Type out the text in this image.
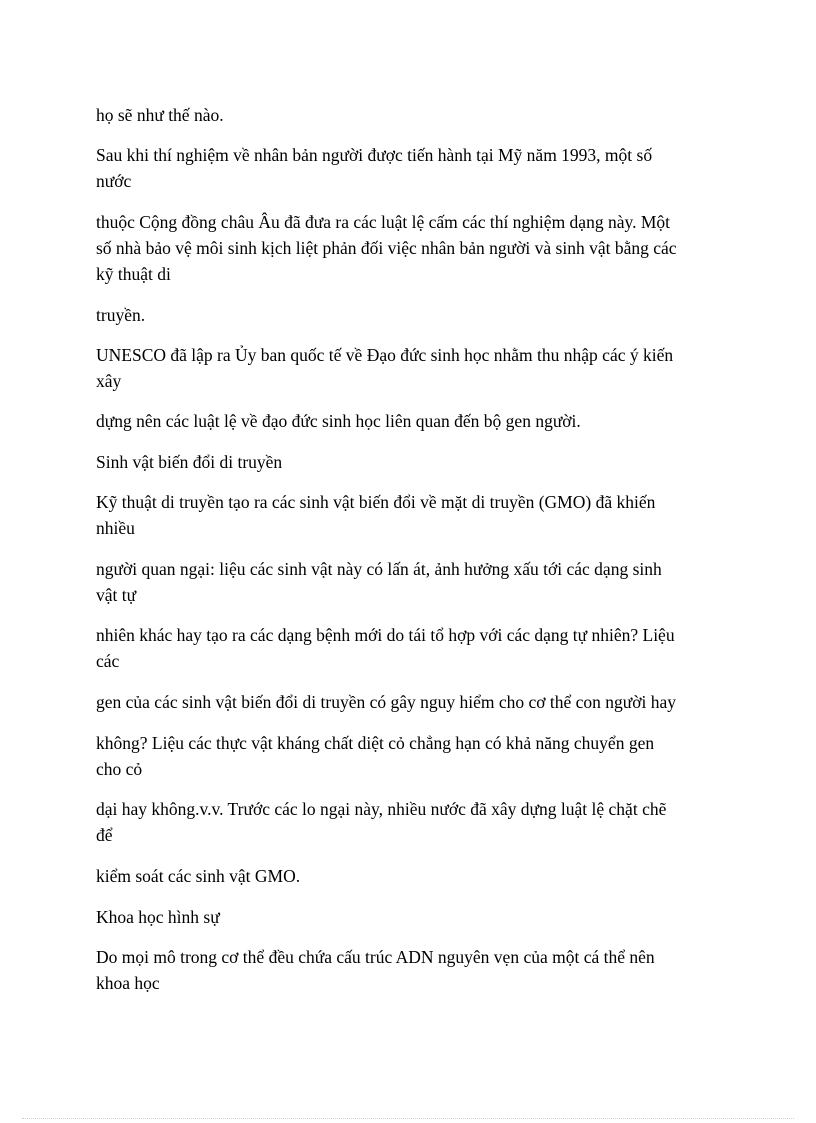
họ sẽ như thế nào.

Sau khi thí nghiệm về nhân bản người được tiến hành tại Mỹ năm 1993, một số
nước

thuộc Cộng đồng châu Âu đã đưa ra các luật lệ cấm các thí nghiệm dạng này. Một
số nhà bảo vệ môi sinh kịch liệt phản đối việc nhân bản người và sinh vật bằng các
kỹ thuật di

truyền.

UNESCO đã lập ra Ủy ban quốc tế về Đạo đức sinh học nhằm thu nhập các ý kiến
xây

dựng nên các luật lệ về đạo đức sinh học liên quan đến bộ gen người.

Sinh vật biến đổi di truyền

Kỹ thuật di truyền tạo ra các sinh vật biến đổi về mặt di truyền (GMO) đã khiến
nhiều

người quan ngại: liệu các sinh vật này có lấn át, ảnh hưởng xấu tới các dạng sinh
vật tự

nhiên khác hay tạo ra các dạng bệnh mới do tái tổ hợp với các dạng tự nhiên? Liệu
các

gen của các sinh vật biến đổi di truyền có gây nguy hiểm cho cơ thể con người hay

không? Liệu các thực vật kháng chất diệt cỏ chẳng hạn có khả năng chuyển gen
cho cỏ

dại hay không.v.v. Trước các lo ngại này, nhiều nước đã xây dựng luật lệ chặt chẽ
để

kiểm soát các sinh vật GMO.

Khoa học hình sự

Do mọi mô trong cơ thể đều chứa cấu trúc ADN nguyên vẹn của một cá thể nên
khoa học
